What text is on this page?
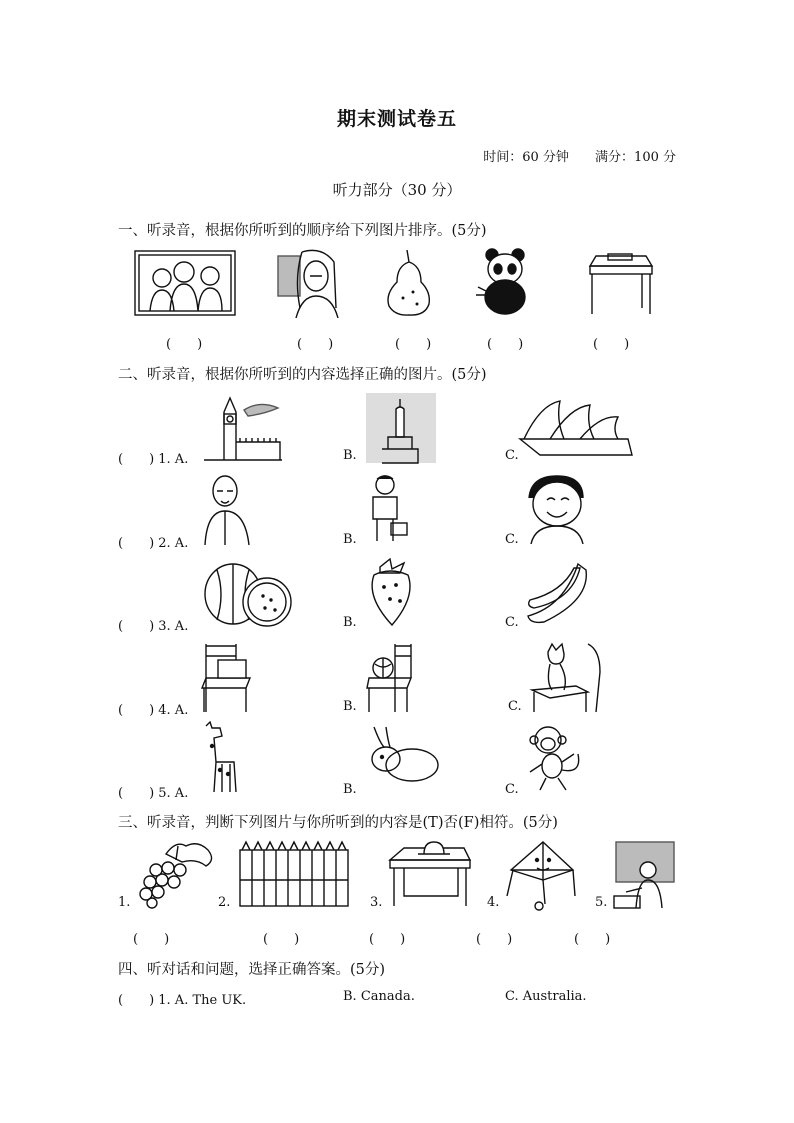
期末测试卷五
时间：60 分钟 满分：100 分
听力部分（30 分）
一、听录音，根据你所听到的顺序给下列图片排序。(5分)
(　　)	(　　)	(　　)	(　　)	(　　)
二、听录音，根据你所听到的内容选择正确的图片。(5分)
(　　) 1. A.	B.	C.
(　　) 2. A.	B.	C.
(　　) 3. A.	B.	C.
(　　) 4. A.	B.	C.
(　　) 5. A.	B.	C.
三、听录音，判断下列图片与你所听到的内容是(T)否(F)相符。(5分)
1.	2.	3.	4.	5.
(　　)	(　　)	(　　)	(　　)	(　　)
四、听对话和问题，选择正确答案。(5分)
(　　) 1. A. The UK.	B. Canada.	C. Australia.
